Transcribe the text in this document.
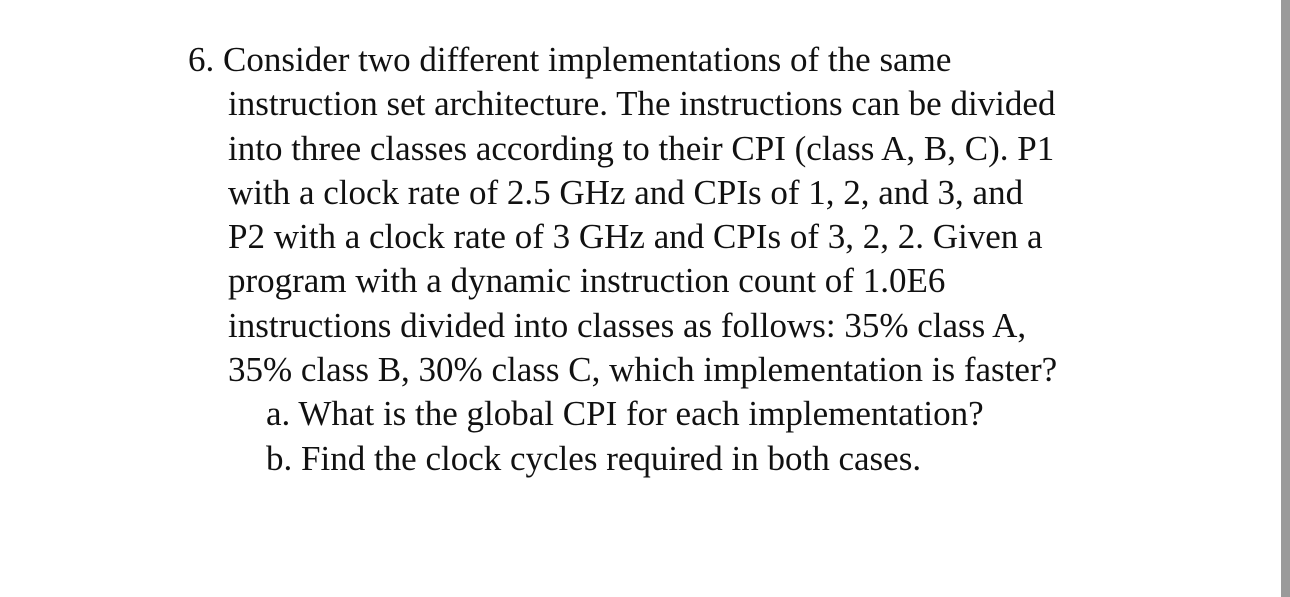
6. Consider two different implementations of the same
instruction set architecture. The instructions can be divided
into three classes according to their CPI (class A, B, C). P1
with a clock rate of 2.5 GHz and CPIs of 1, 2, and 3, and
P2 with a clock rate of 3 GHz and CPIs of 3, 2, 2. Given a
program with a dynamic instruction count of 1.0E6
instructions divided into classes as follows: 35% class A,
35% class B, 30% class C, which implementation is faster?
a. What is the global CPI for each implementation?
b. Find the clock cycles required in both cases.
